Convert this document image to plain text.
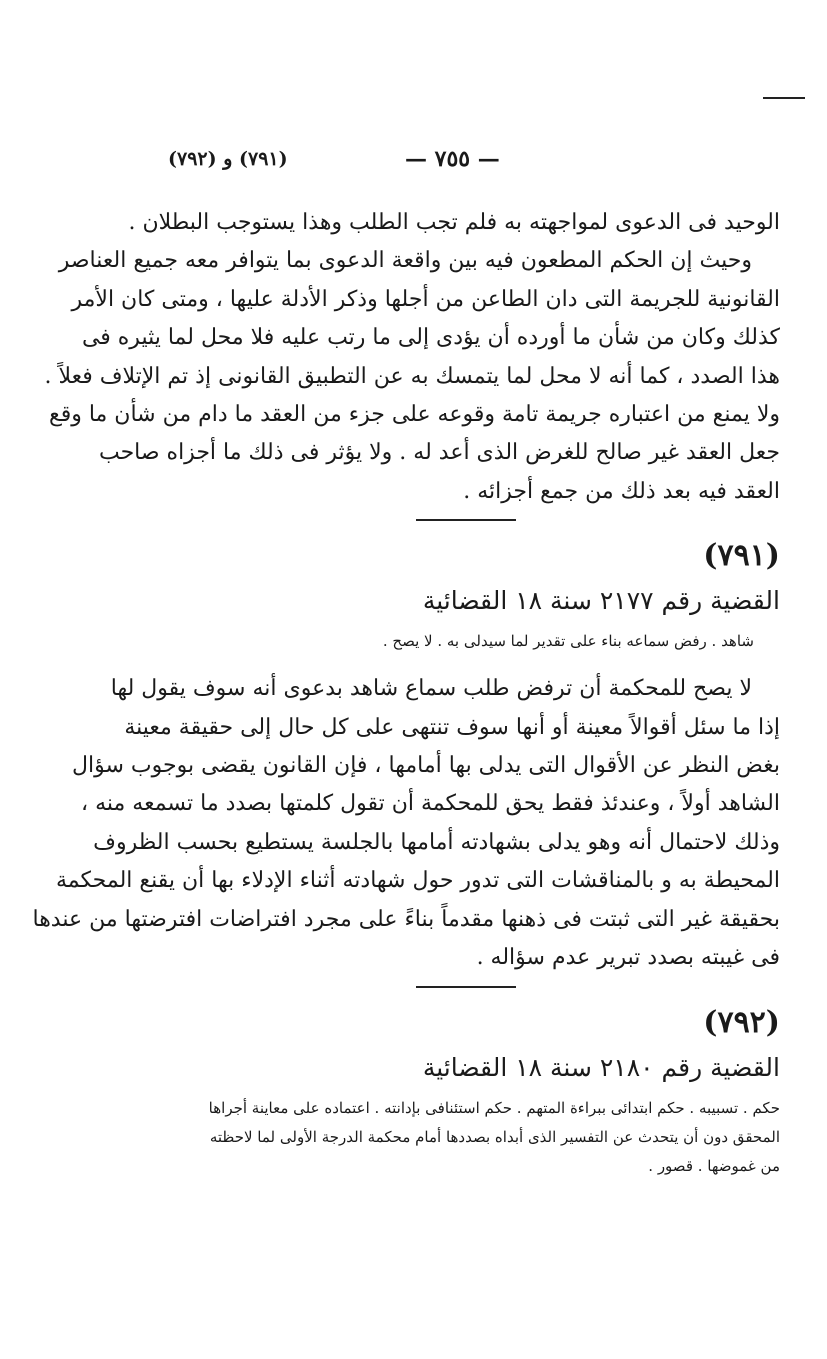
(٧٩١) و (٧٩٢)	— ٧٥٥ —
الوحيد فى الدعوى لمواجهته به فلم تجب الطلب وهذا يستوجب البطلان .
وحيث إن الحكم المطعون فيه بين واقعة الدعوى بما يتوافر معه جميع العناصر
القانونية للجريمة التى دان الطاعن من أجلها وذكر الأدلة عليها ، ومتى كان الأمر
كذلك وكان من شأن ما أورده أن يؤدى إلى ما رتب عليه فلا محل لما يثيره فى
هذا الصدد ، كما أنه لا محل لما يتمسك به عن التطبيق القانونى إذ تم الإتلاف فعلاً .
ولا يمنع من اعتباره جريمة تامة وقوعه على جزء من العقد ما دام من شأن ما وقع
جعل العقد غير صالح للغرض الذى أعد له . ولا يؤثر فى ذلك ما أجزاه صاحب
العقد فيه بعد ذلك من جمع أجزائه .
(٧٩١)
القضية رقم ٢١٧٧ سنة ١٨ القضائية
شاهد . رفض سماعه بناء على تقدير لما سيدلى به . لا يصح .
لا يصح للمحكمة أن ترفض طلب سماع شاهد بدعوى أنه سوف يقول لها
إذا ما سئل أقوالاً معينة أو أنها سوف تنتهى على كل حال إلى حقيقة معينة
بغض النظر عن الأقوال التى يدلى بها أمامها ، فإن القانون يقضى بوجوب سؤال
الشاهد أولاً ، وعندئذ فقط يحق للمحكمة أن تقول كلمتها بصدد ما تسمعه منه ،
وذلك لاحتمال أنه وهو يدلى بشهادته أمامها بالجلسة يستطيع بحسب الظروف
المحيطة به و بالمناقشات التى تدور حول شهادته أثناء الإدلاء بها أن يقنع المحكمة
بحقيقة غير التى ثبتت فى ذهنها مقدماً بناءً على مجرد افتراضات افترضتها من عندها
فى غيبته بصدد تبرير عدم سؤاله .
(٧٩٢)
القضية رقم ٢١٨٠ سنة ١٨ القضائية
حكم . تسبيبه . حكم ابتدائى ببراءة المتهم . حكم استئنافى بإدانته . اعتماده على معاينة أجراها
المحقق دون أن يتحدث عن التفسير الذى أبداه بصددها أمام محكمة الدرجة الأولى لما لاحظته
من غموضها . قصور .
